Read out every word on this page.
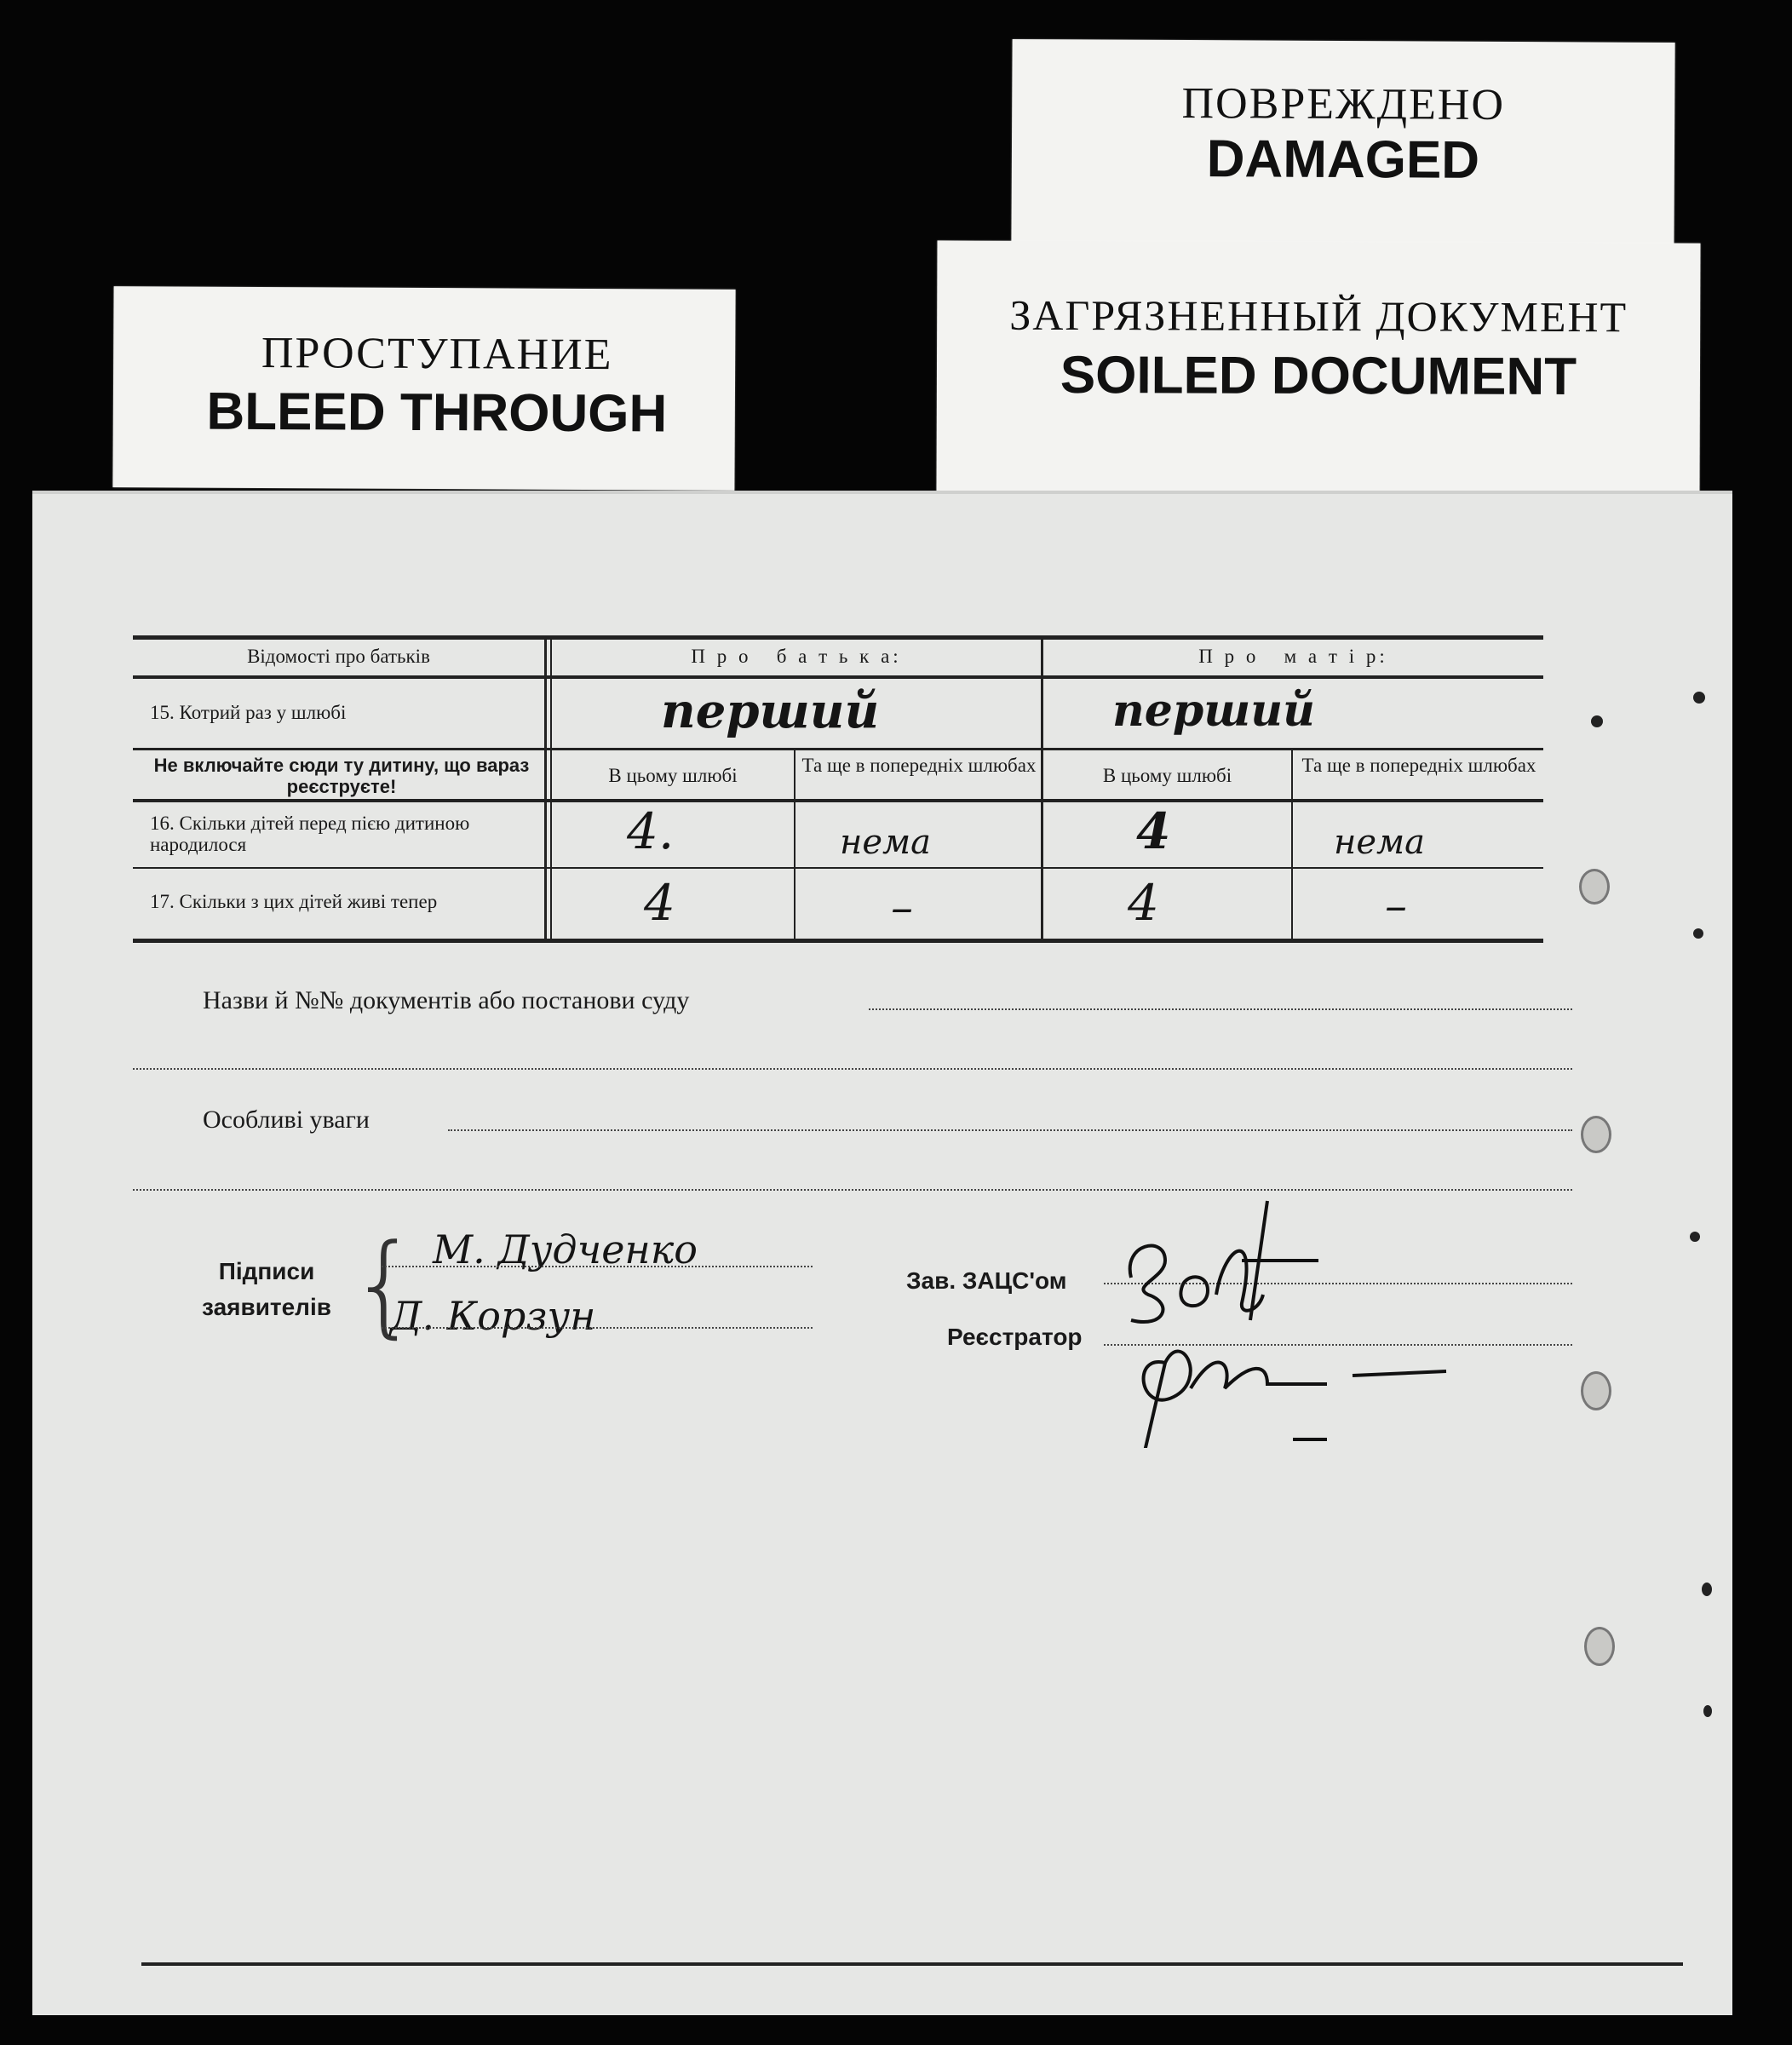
ПОВРЕЖДЕНО
DAMAGED
ЗАГРЯЗНЕННЫЙ ДОКУМЕНТ
SOILED DOCUMENT
ПРОСТУПАНИЕ
BLEED THROUGH
Відомості про батьків	П р о   б а т ь к а:	П р о   м а т і р:
15. Котрий раз у шлюбі	перший	перший
Не включайте сюди ту дитину, що вараз реєструєте!
В цьому шлюбі	Та ще в попередніх шлюбах	В цьому шлюбі	Та ще в попередніх шлюбах
16. Скільки дітей перед пією дитиною народилося	4.	нема	4	нема
17. Скільки з цих дітей живі тепер	4	–	4	–
Назви й №№ документів або постанови суду
Особливі уваги
Підписи
заявителів { М. Дудченко
Д. Корзун
Зав. ЗАЦС'ом
Реєстратор
